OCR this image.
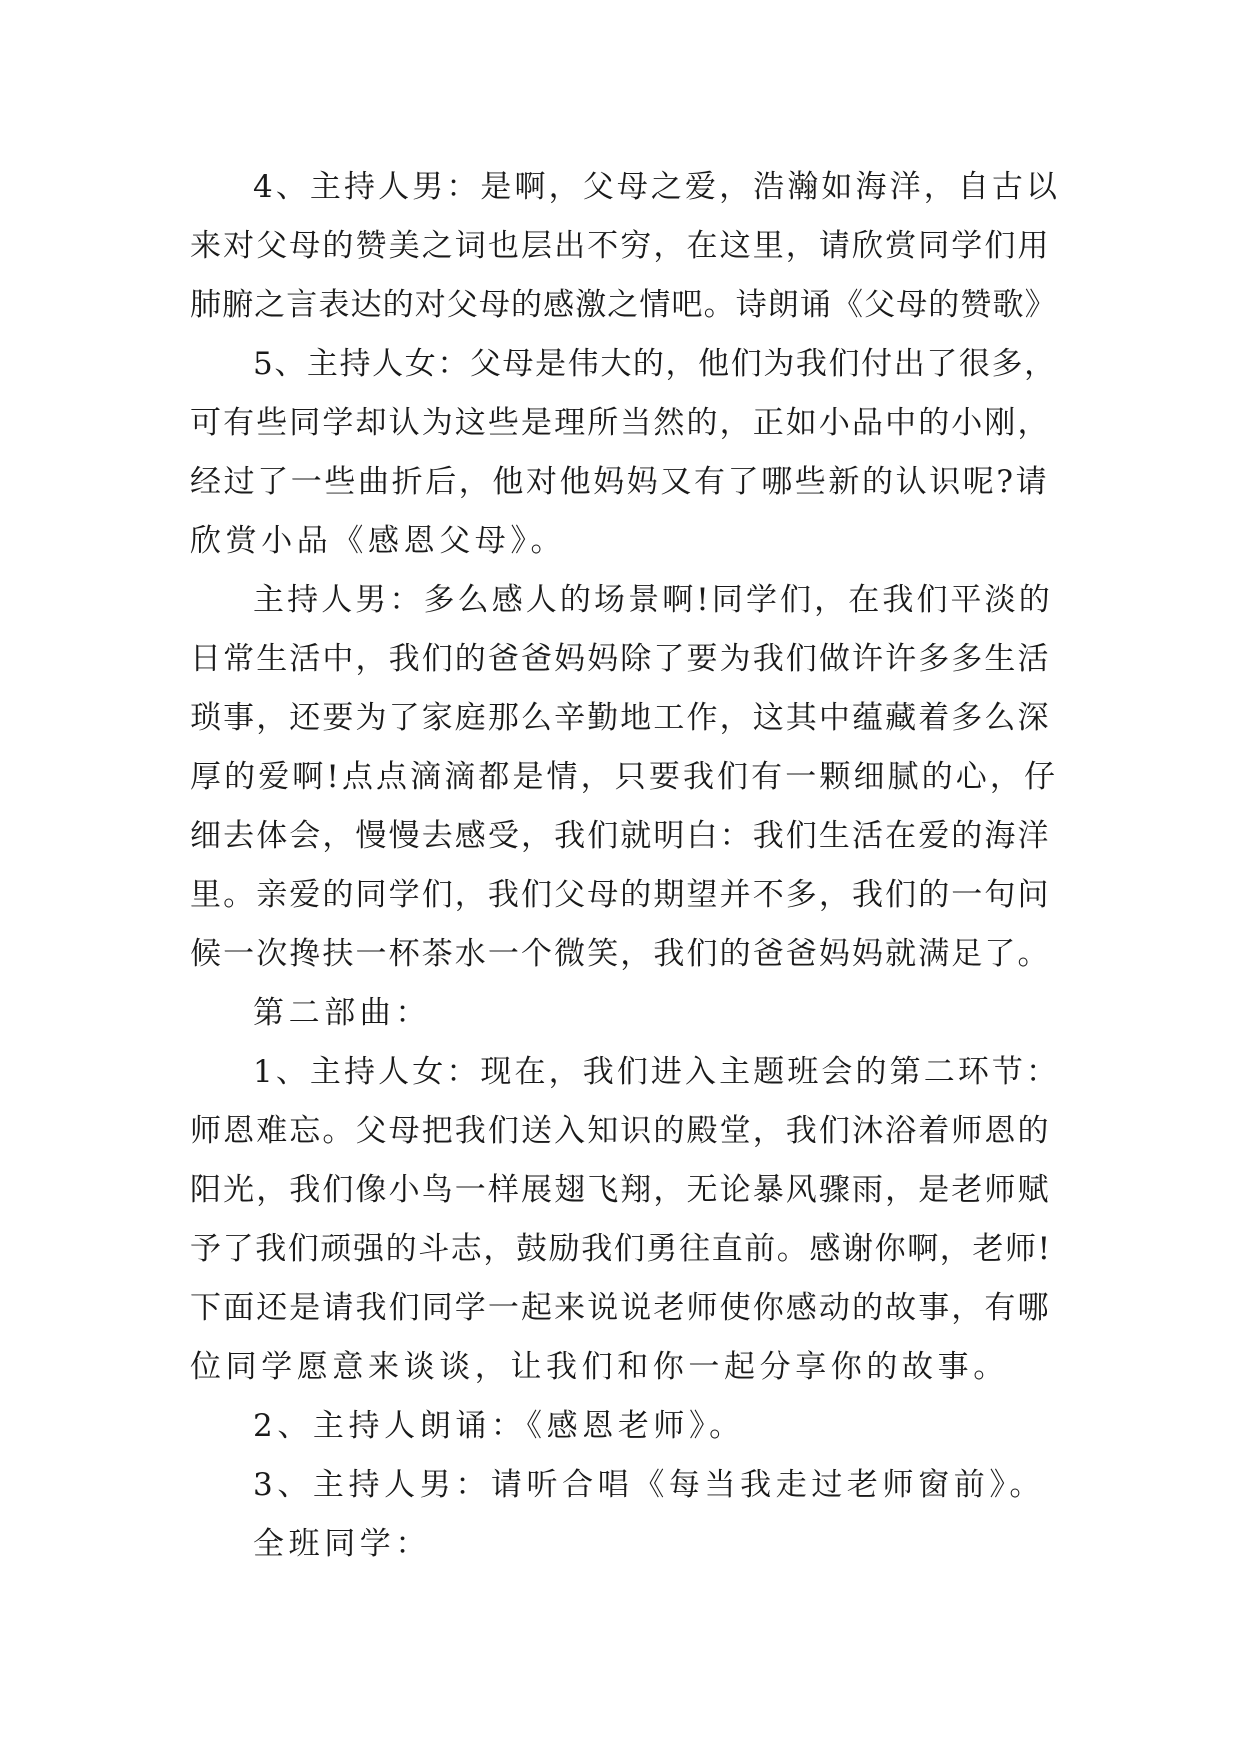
4、主持人男：是啊，父母之爱，浩瀚如海洋，自古以
来对父母的赞美之词也层出不穷，在这里，请欣赏同学们用
肺腑之言表达的对父母的感激之情吧。诗朗诵《父母的赞歌》
5、主持人女：父母是伟大的，他们为我们付出了很多，
可有些同学却认为这些是理所当然的，正如小品中的小刚，
经过了一些曲折后，他对他妈妈又有了哪些新的认识呢?请
欣赏小品《感恩父母》。
主持人男：多么感人的场景啊!同学们，在我们平淡的
日常生活中，我们的爸爸妈妈除了要为我们做许许多多生活
琐事，还要为了家庭那么辛勤地工作，这其中蕴藏着多么深
厚的爱啊!点点滴滴都是情，只要我们有一颗细腻的心，仔
细去体会，慢慢去感受，我们就明白：我们生活在爱的海洋
里。亲爱的同学们，我们父母的期望并不多，我们的一句问
候一次搀扶一杯茶水一个微笑，我们的爸爸妈妈就满足了。
第二部曲：
1、主持人女：现在，我们进入主题班会的第二环节：
师恩难忘。父母把我们送入知识的殿堂，我们沐浴着师恩的
阳光，我们像小鸟一样展翅飞翔，无论暴风骤雨，是老师赋
予了我们顽强的斗志，鼓励我们勇往直前。感谢你啊，老师!
下面还是请我们同学一起来说说老师使你感动的故事，有哪
位同学愿意来谈谈，让我们和你一起分享你的故事。
2、主持人朗诵：《感恩老师》。
3、主持人男：请听合唱《每当我走过老师窗前》。
全班同学：
